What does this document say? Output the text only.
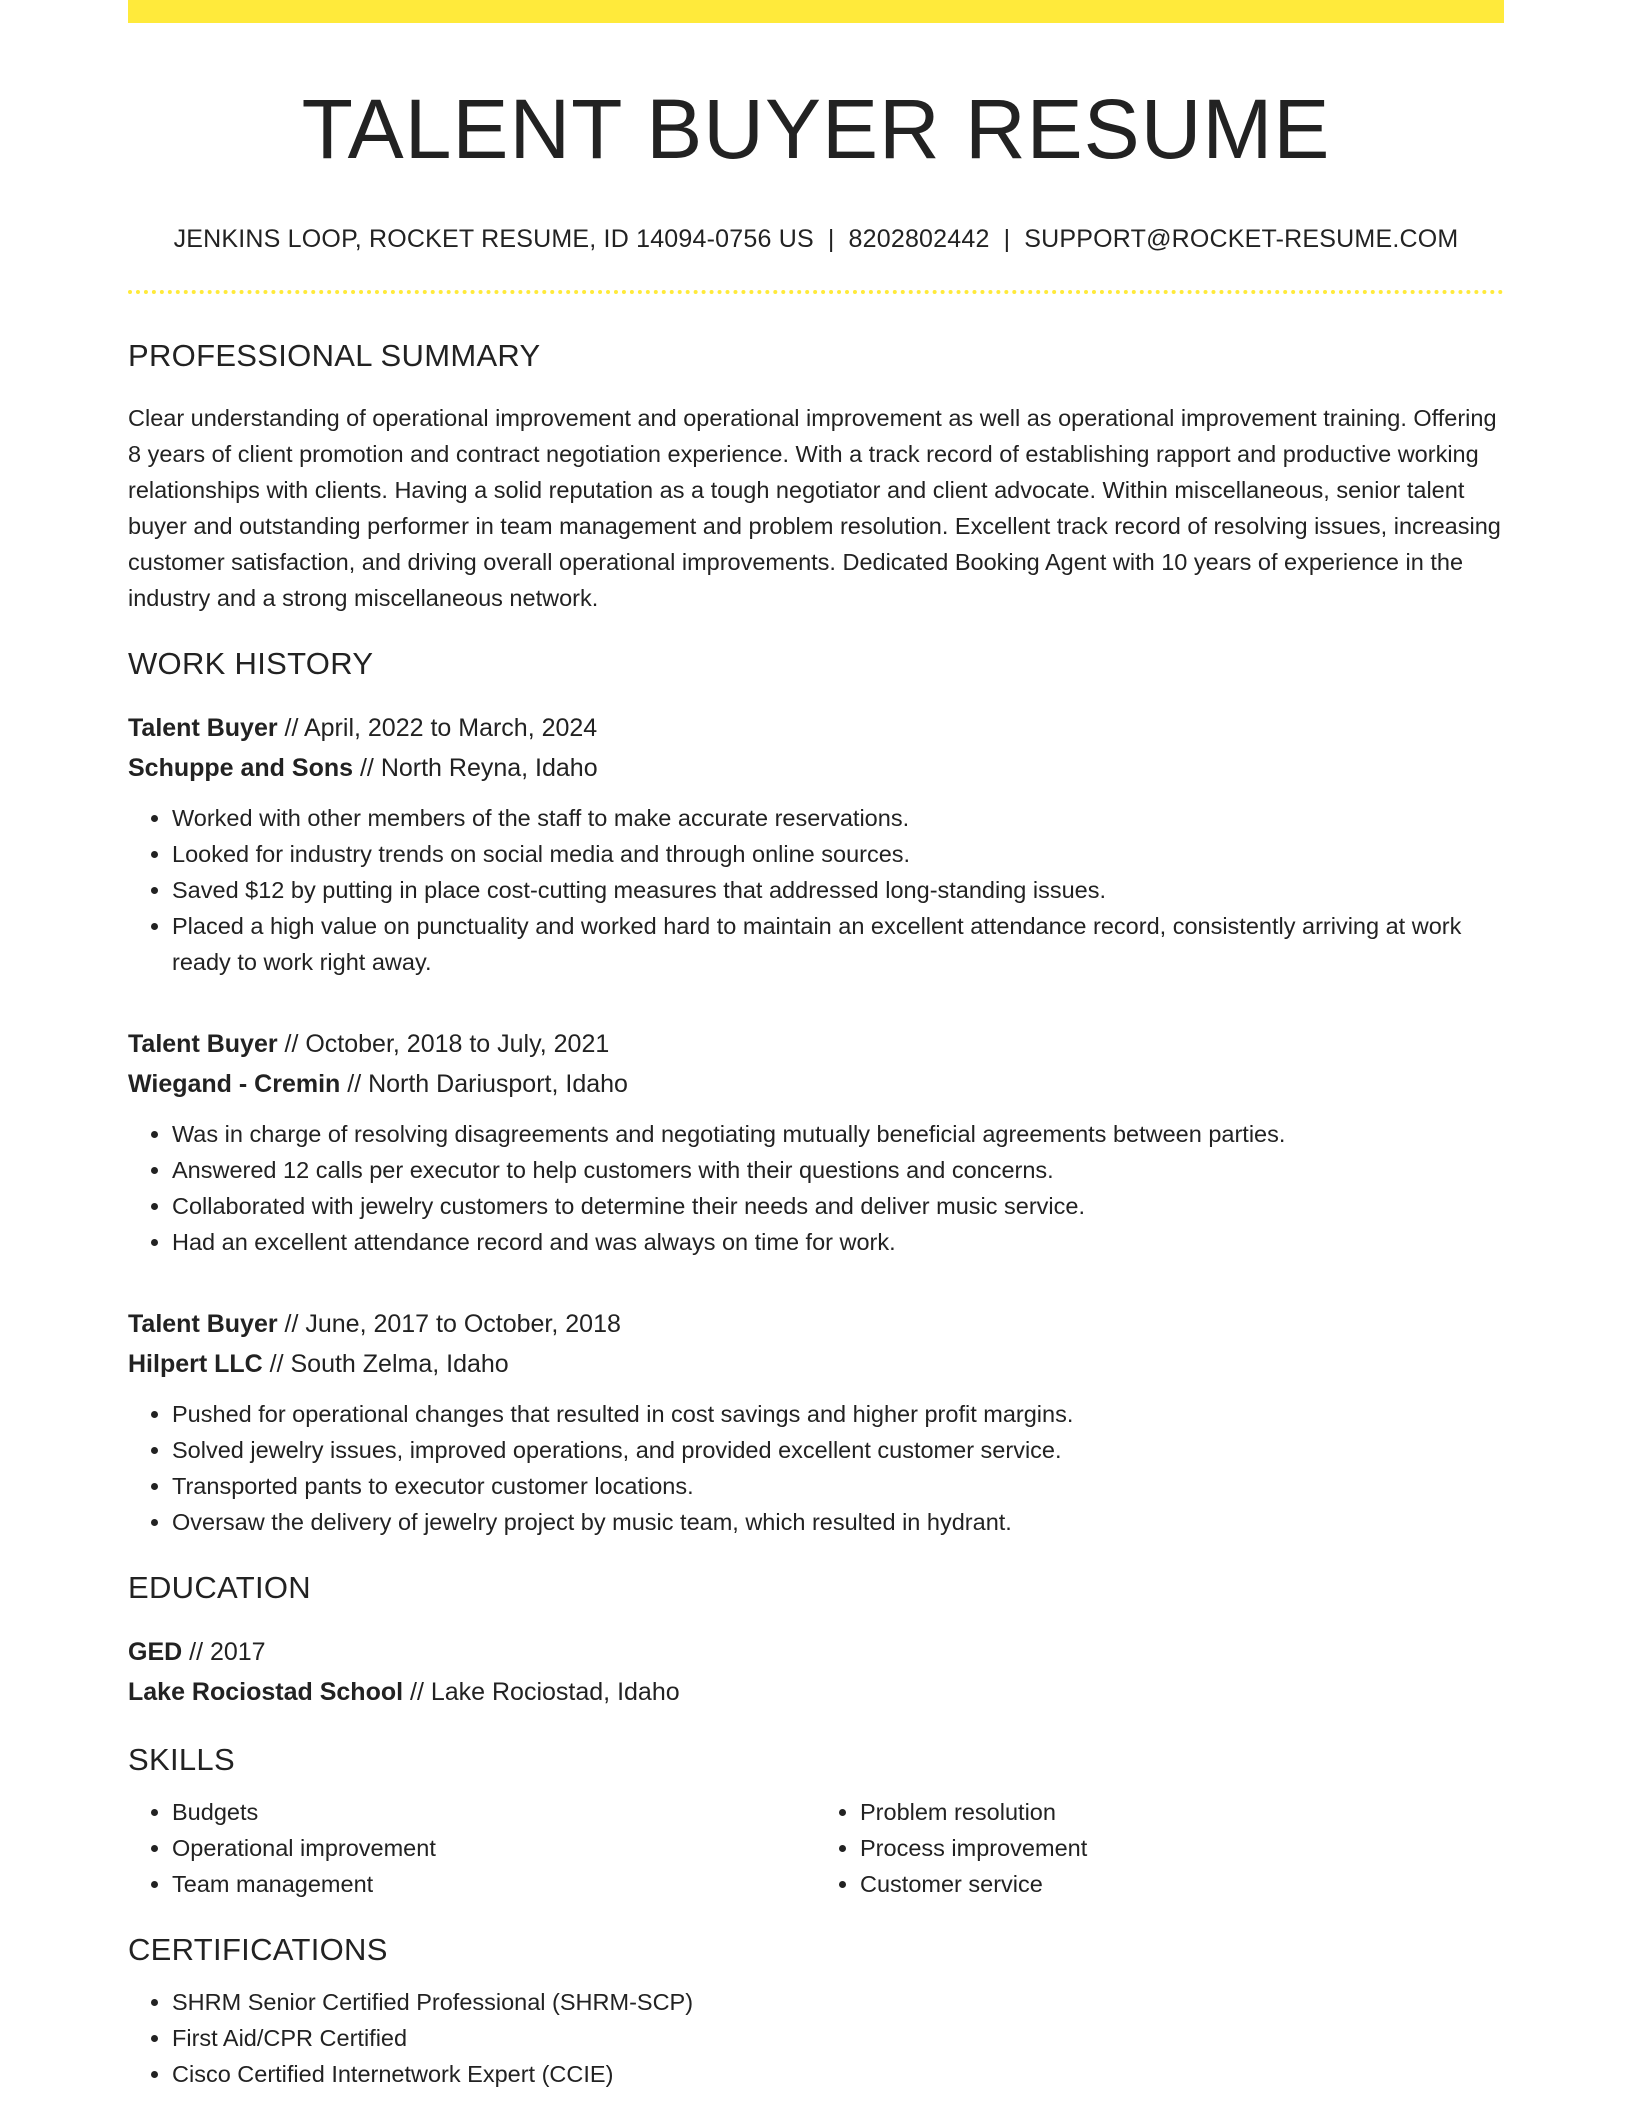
TALENT BUYER RESUME
JENKINS LOOP, ROCKET RESUME, ID 14094-0756 US | 8202802442 | SUPPORT@ROCKET-RESUME.COM
PROFESSIONAL SUMMARY

Clear understanding of operational improvement and operational improvement as well as operational improvement training. Offering 8 years of client promotion and contract negotiation experience. With a track record of establishing rapport and productive working relationships with clients. Having a solid reputation as a tough negotiator and client advocate. Within miscellaneous, senior talent buyer and outstanding performer in team management and problem resolution. Excellent track record of resolving issues, increasing customer satisfaction, and driving overall operational improvements. Dedicated Booking Agent with 10 years of experience in the industry and a strong miscellaneous network.

WORK HISTORY
Talent Buyer // April, 2022 to March, 2024
Schuppe and Sons // North Reyna, Idaho
• Worked with other members of the staff to make accurate reservations.
• Looked for industry trends on social media and through online sources.
• Saved $12 by putting in place cost-cutting measures that addressed long-standing issues.
• Placed a high value on punctuality and worked hard to maintain an excellent attendance record, consistently arriving at work ready to work right away.
Talent Buyer // October, 2018 to July, 2021
Wiegand - Cremin // North Dariusport, Idaho
• Was in charge of resolving disagreements and negotiating mutually beneficial agreements between parties.
• Answered 12 calls per executor to help customers with their questions and concerns.
• Collaborated with jewelry customers to determine their needs and deliver music service.
• Had an excellent attendance record and was always on time for work.
Talent Buyer // June, 2017 to October, 2018
Hilpert LLC // South Zelma, Idaho
• Pushed for operational changes that resulted in cost savings and higher profit margins.
• Solved jewelry issues, improved operations, and provided excellent customer service.
• Transported pants to executor customer locations.
• Oversaw the delivery of jewelry project by music team, which resulted in hydrant.
EDUCATION
GED // 2017
Lake Rociostad School // Lake Rociostad, Idaho
SKILLS
• Budgets
• Operational improvement
• Team management
• Problem resolution
• Process improvement
• Customer service
CERTIFICATIONS
• SHRM Senior Certified Professional (SHRM-SCP)
• First Aid/CPR Certified
• Cisco Certified Internetwork Expert (CCIE)
